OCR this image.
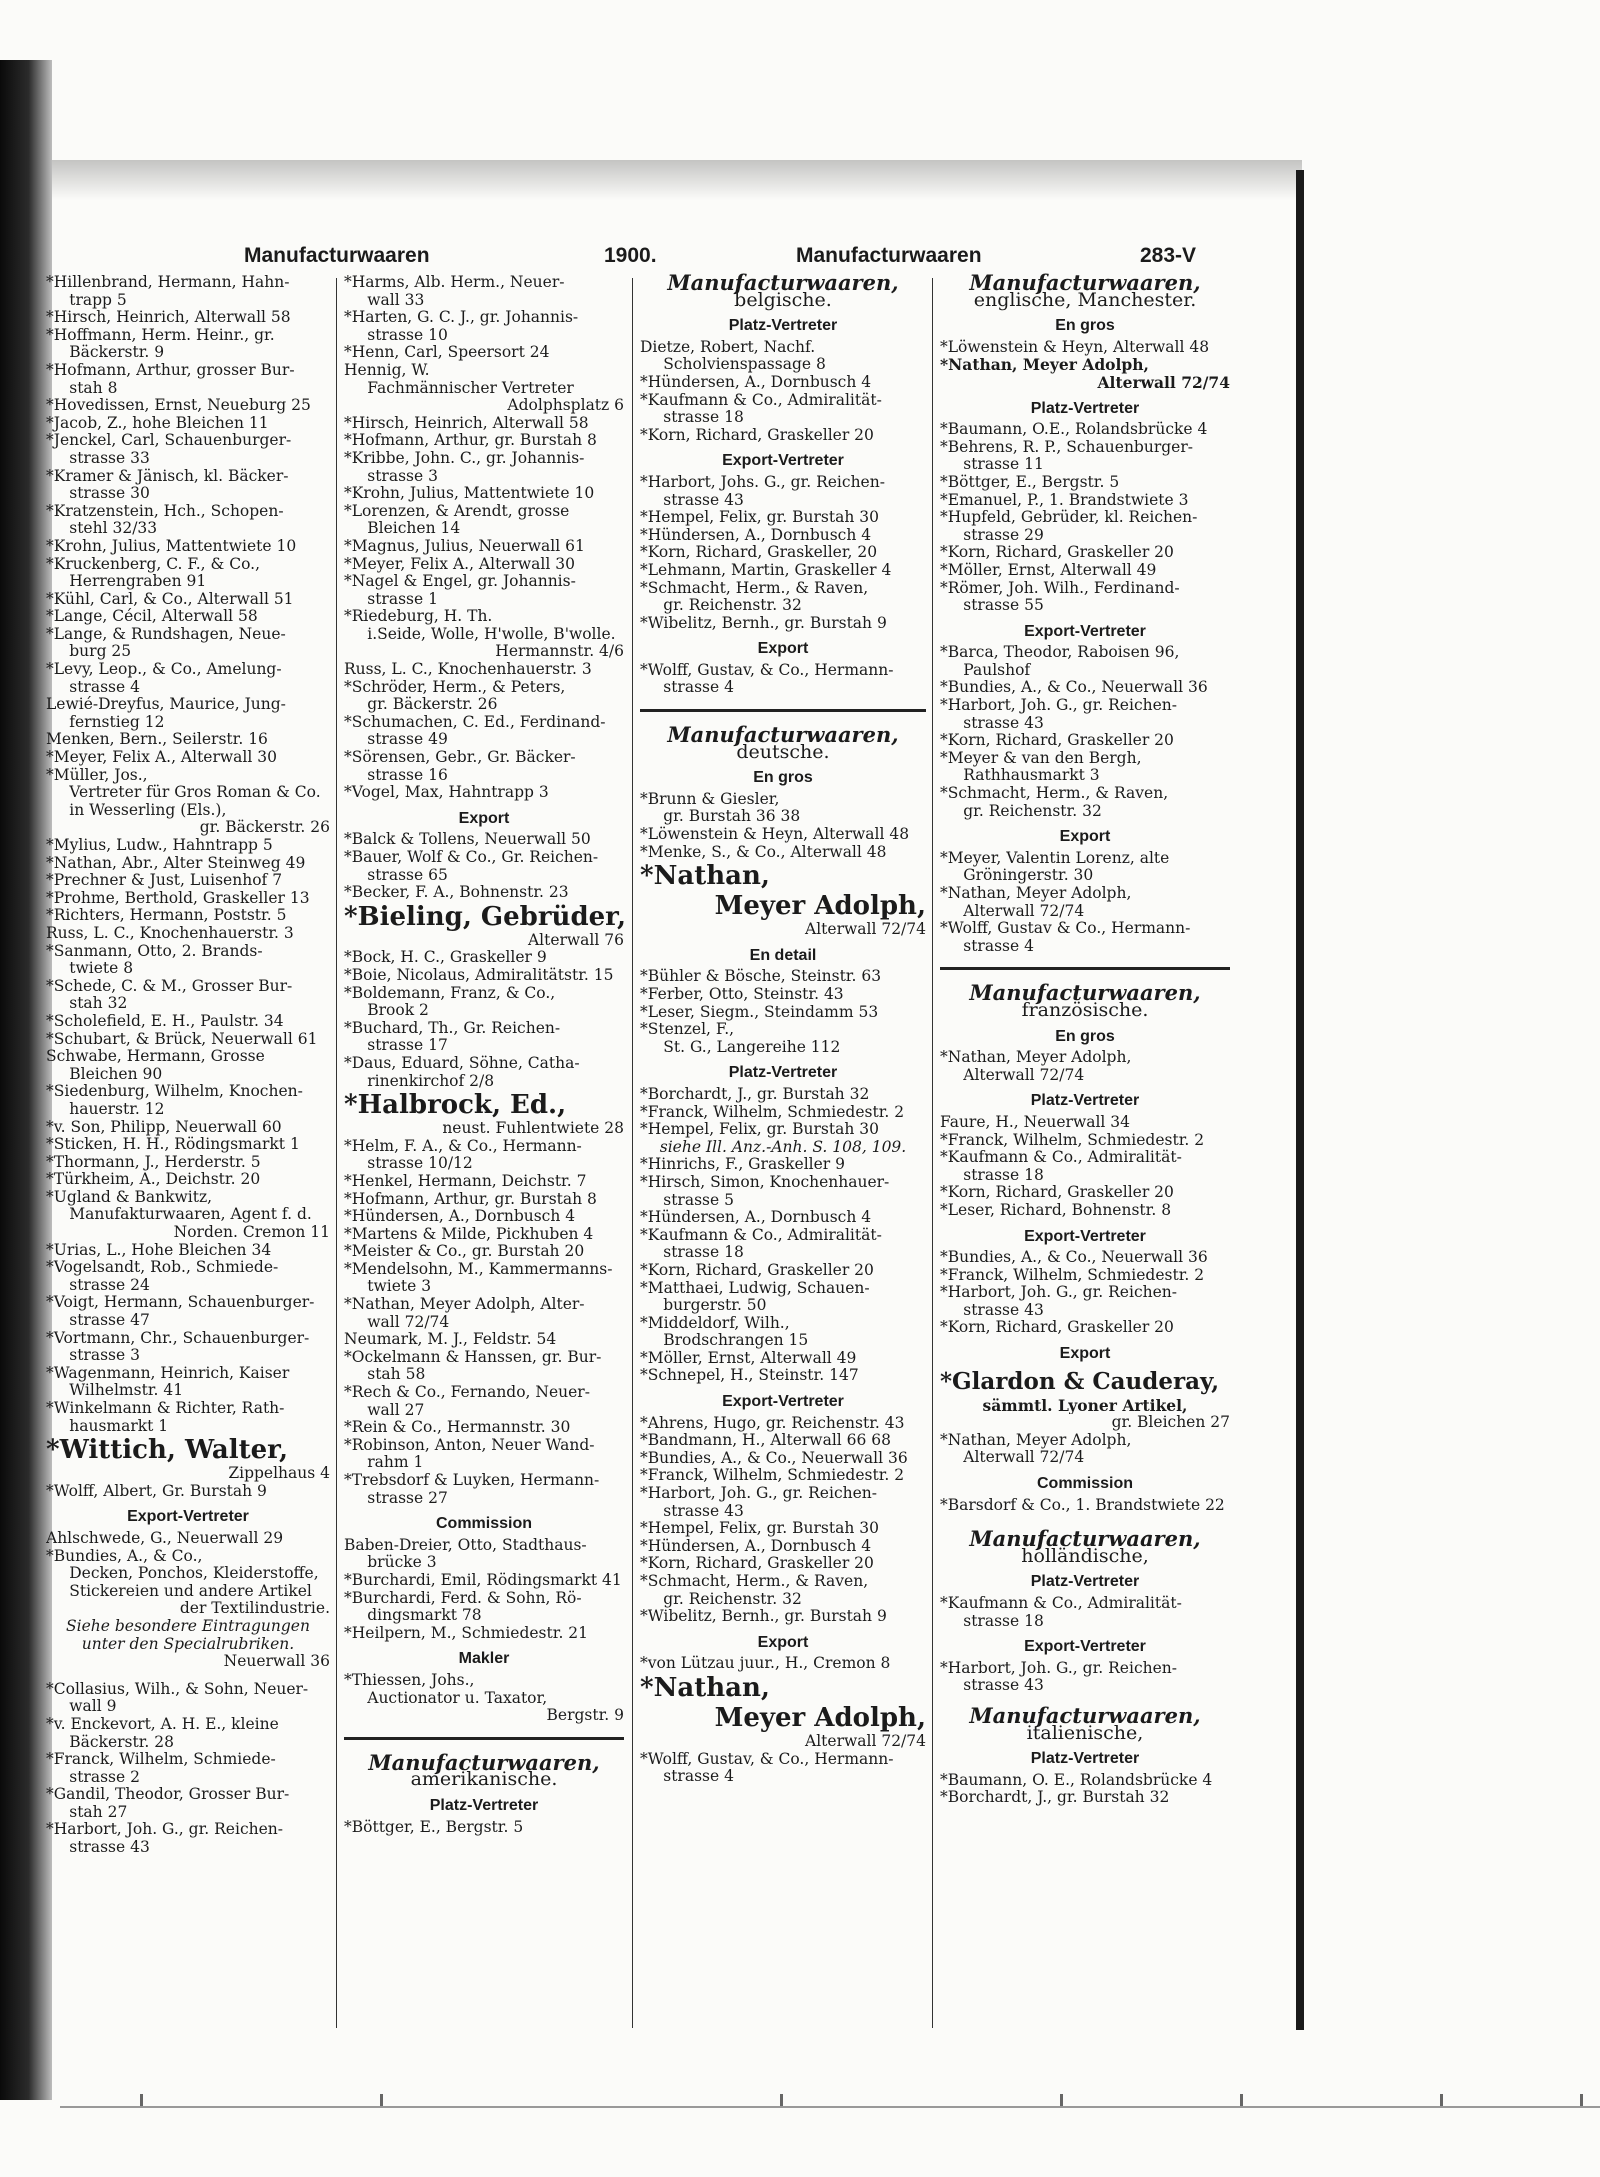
Manufacturwaaren	1900.	Manufacturwaaren	283-V
*Hillenbrand, Hermann, Hahn-
trapp 5
*Hirsch, Heinrich, Alterwall 58
*Hoffmann, Herm. Heinr., gr.
Bäckerstr. 9
*Hofmann, Arthur, grosser Bur-
stah 8
*Hovedissen, Ernst, Neueburg 25
*Jacob, Z., hohe Bleichen 11
*Jenckel, Carl, Schauenburger-
strasse 33
*Kramer & Jänisch, kl. Bäcker-
strasse 30
*Kratzenstein, Hch., Schopen-
stehl 32/33
*Krohn, Julius, Mattentwiete 10
*Kruckenberg, C. F., & Co.,
Herrengraben 91
*Kühl, Carl, & Co., Alterwall 51
*Lange, Cécil, Alterwall 58
*Lange, & Rundshagen, Neue-
burg 25
*Levy, Leop., & Co., Amelung-
strasse 4
Lewié-Dreyfus, Maurice, Jung-
fernstieg 12
Menken, Bern., Seilerstr. 16
*Meyer, Felix A., Alterwall 30
*Müller, Jos.,
Vertreter für Gros Roman & Co.
in Wesserling (Els.),
gr. Bäckerstr. 26
*Mylius, Ludw., Hahntrapp 5
*Nathan, Abr., Alter Steinweg 49
*Prechner & Just, Luisenhof 7
*Prohme, Berthold, Graskeller 13
*Richters, Hermann, Poststr. 5
Russ, L. C., Knochenhauerstr. 3
*Sanmann, Otto, 2. Brands-
twiete 8
*Schede, C. & M., Grosser Bur-
stah 32
*Scholefield, E. H., Paulstr. 34
*Schubart, & Brück, Neuerwall 61
Schwabe, Hermann, Grosse
Bleichen 90
*Siedenburg, Wilhelm, Knochen-
hauerstr. 12
*v. Son, Philipp, Neuerwall 60
*Sticken, H. H., Rödingsmarkt 1
*Thormann, J., Herderstr. 5
*Türkheim, A., Deichstr. 20
*Ugland & Bankwitz,
Manufakturwaaren, Agent f. d.
Norden. Cremon 11
*Urias, L., Hohe Bleichen 34
*Vogelsandt, Rob., Schmiede-
strasse 24
*Voigt, Hermann, Schauenburger-
strasse 47
*Vortmann, Chr., Schauenburger-
strasse 3
*Wagenmann, Heinrich, Kaiser
Wilhelmstr. 41
*Winkelmann & Richter, Rath-
hausmarkt 1
*Wittich, Walter,
Zippelhaus 4
*Wolff, Albert, Gr. Burstah 9
Export-Vertreter
Ahlschwede, G., Neuerwall 29
*Bundies, A., & Co.,
Decken, Ponchos, Kleiderstoffe,
Stickereien und andere Artikel
der Textilindustrie.
Siehe besondere Eintragungen
unter den Specialrubriken.
Neuerwall 36
*Collasius, Wilh., & Sohn, Neuer-
wall 9
*v. Enckevort, A. H. E., kleine
Bäckerstr. 28
*Franck, Wilhelm, Schmiede-
strasse 2
*Gandil, Theodor, Grosser Bur-
stah 27
*Harbort, Joh. G., gr. Reichen-
strasse 43
*Harms, Alb. Herm., Neuer-
wall 33
*Harten, G. C. J., gr. Johannis-
strasse 10
*Henn, Carl, Speersort 24
Hennig, W.
Fachmännischer Vertreter
Adolphsplatz 6
*Hirsch, Heinrich, Alterwall 58
*Hofmann, Arthur, gr. Burstah 8
*Kribbe, John. C., gr. Johannis-
strasse 3
*Krohn, Julius, Mattentwiete 10
*Lorenzen, & Arendt, grosse
Bleichen 14
*Magnus, Julius, Neuerwall 61
*Meyer, Felix A., Alterwall 30
*Nagel & Engel, gr. Johannis-
strasse 1
*Riedeburg, H. Th.
i.Seide, Wolle, H'wolle, B'wolle.
Hermannstr. 4/6
Russ, L. C., Knochenhauerstr. 3
*Schröder, Herm., & Peters,
gr. Bäckerstr. 26
*Schumachen, C. Ed., Ferdinand-
strasse 49
*Sörensen, Gebr., Gr. Bäcker-
strasse 16
*Vogel, Max, Hahntrapp 3
Export
*Balck & Tollens, Neuerwall 50
*Bauer, Wolf & Co., Gr. Reichen-
strasse 65
*Becker, F. A., Bohnenstr. 23
*Bieling, Gebrüder,
Alterwall 76
*Bock, H. C., Graskeller 9
*Boie, Nicolaus, Admiralitätstr. 15
*Boldemann, Franz, & Co.,
Brook 2
*Buchard, Th., Gr. Reichen-
strasse 17
*Daus, Eduard, Söhne, Catha-
rinenkirchof 2/8
*Halbrock, Ed.,
neust. Fuhlentwiete 28
*Helm, F. A., & Co., Hermann-
strasse 10/12
*Henkel, Hermann, Deichstr. 7
*Hofmann, Arthur, gr. Burstah 8
*Hündersen, A., Dornbusch 4
*Martens & Milde, Pickhuben 4
*Meister & Co., gr. Burstah 20
*Mendelsohn, M., Kammermanns-
twiete 3
*Nathan, Meyer Adolph, Alter-
wall 72/74
Neumark, M. J., Feldstr. 54
*Ockelmann & Hanssen, gr. Bur-
stah 58
*Rech & Co., Fernando, Neuer-
wall 27
*Rein & Co., Hermannstr. 30
*Robinson, Anton, Neuer Wand-
rahm 1
*Trebsdorf & Luyken, Hermann-
strasse 27
Commission
Baben-Dreier, Otto, Stadthaus-
brücke 3
*Burchardi, Emil, Rödingsmarkt 41
*Burchardi, Ferd. & Sohn, Rö-
dingsmarkt 78
*Heilpern, M., Schmiedestr. 21
Makler
*Thiessen, Johs.,
Auctionator u. Taxator,
Bergstr. 9
Manufacturwaaren,
amerikanische.
Platz-Vertreter
*Böttger, E., Bergstr. 5
Manufacturwaaren,
belgische.
Platz-Vertreter
Dietze, Robert, Nachf.
Scholvienspassage 8
*Hündersen, A., Dornbusch 4
*Kaufmann & Co., Admiralität-
strasse 18
*Korn, Richard, Graskeller 20
Export-Vertreter
*Harbort, Johs. G., gr. Reichen-
strasse 43
*Hempel, Felix, gr. Burstah 30
*Hündersen, A., Dornbusch 4
*Korn, Richard, Graskeller, 20
*Lehmann, Martin, Graskeller 4
*Schmacht, Herm., & Raven,
gr. Reichenstr. 32
*Wibelitz, Bernh., gr. Burstah 9
Export
*Wolff, Gustav, & Co., Hermann-
strasse 4
Manufacturwaaren,
deutsche.
En gros
*Brunn & Giesler,
gr. Burstah 36 38
*Löwenstein & Heyn, Alterwall 48
*Menke, S., & Co., Alterwall 48
*Nathan,
Meyer Adolph,
Alterwall 72/74
En detail
*Bühler & Bösche, Steinstr. 63
*Ferber, Otto, Steinstr. 43
*Leser, Siegm., Steindamm 53
*Stenzel, F.,
St. G., Langereihe 112
Platz-Vertreter
*Borchardt, J., gr. Burstah 32
*Franck, Wilhelm, Schmiedestr. 2
*Hempel, Felix, gr. Burstah 30
siehe Ill. Anz.-Anh. S. 108, 109.
*Hinrichs, F., Graskeller 9
*Hirsch, Simon, Knochenhauer-
strasse 5
*Hündersen, A., Dornbusch 4
*Kaufmann & Co., Admiralität-
strasse 18
*Korn, Richard, Graskeller 20
*Matthaei, Ludwig, Schauen-
burgerstr. 50
*Middeldorf, Wilh.,
Brodschrangen 15
*Möller, Ernst, Alterwall 49
*Schnepel, H., Steinstr. 147
Export-Vertreter
*Ahrens, Hugo, gr. Reichenstr. 43
*Bandmann, H., Alterwall 66 68
*Bundies, A., & Co., Neuerwall 36
*Franck, Wilhelm, Schmiedestr. 2
*Harbort, Joh. G., gr. Reichen-
strasse 43
*Hempel, Felix, gr. Burstah 30
*Hündersen, A., Dornbusch 4
*Korn, Richard, Graskeller 20
*Schmacht, Herm., & Raven,
gr. Reichenstr. 32
*Wibelitz, Bernh., gr. Burstah 9
Export
*von Lützau juur., H., Cremon 8
*Nathan,
Meyer Adolph,
Alterwall 72/74
*Wolff, Gustav, & Co., Hermann-
strasse 4
Manufacturwaaren,
englische, Manchester.
En gros
*Löwenstein & Heyn, Alterwall 48
*Nathan, Meyer Adolph,
Alterwall 72/74
Platz-Vertreter
*Baumann, O.E., Rolandsbrücke 4
*Behrens, R. P., Schauenburger-
strasse 11
*Böttger, E., Bergstr. 5
*Emanuel, P., 1. Brandstwiete 3
*Hupfeld, Gebrüder, kl. Reichen-
strasse 29
*Korn, Richard, Graskeller 20
*Möller, Ernst, Alterwall 49
*Römer, Joh. Wilh., Ferdinand-
strasse 55
Export-Vertreter
*Barca, Theodor, Raboisen 96,
Paulshof
*Bundies, A., & Co., Neuerwall 36
*Harbort, Joh. G., gr. Reichen-
strasse 43
*Korn, Richard, Graskeller 20
*Meyer & van den Bergh,
Rathhausmarkt 3
*Schmacht, Herm., & Raven,
gr. Reichenstr. 32
Export
*Meyer, Valentin Lorenz, alte
Gröningerstr. 30
*Nathan, Meyer Adolph,
Alterwall 72/74
*Wolff, Gustav & Co., Hermann-
strasse 4
Manufacturwaaren,
französische.
En gros
*Nathan, Meyer Adolph,
Alterwall 72/74
Platz-Vertreter
Faure, H., Neuerwall 34
*Franck, Wilhelm, Schmiedestr. 2
*Kaufmann & Co., Admiralität-
strasse 18
*Korn, Richard, Graskeller 20
*Leser, Richard, Bohnenstr. 8
Export-Vertreter
*Bundies, A., & Co., Neuerwall 36
*Franck, Wilhelm, Schmiedestr. 2
*Harbort, Joh. G., gr. Reichen-
strasse 43
*Korn, Richard, Graskeller 20
Export
*Glardon & Cauderay,
sämmtl. Lyoner Artikel,
gr. Bleichen 27
*Nathan, Meyer Adolph,
Alterwall 72/74
Commission
*Barsdorf & Co., 1. Brandstwiete 22
Manufacturwaaren,
holländische,
Platz-Vertreter
*Kaufmann & Co., Admiralität-
strasse 18
Export-Vertreter
*Harbort, Joh. G., gr. Reichen-
strasse 43
Manufacturwaaren,
italienische,
Platz-Vertreter
*Baumann, O. E., Rolandsbrücke 4
*Borchardt, J., gr. Burstah 32
